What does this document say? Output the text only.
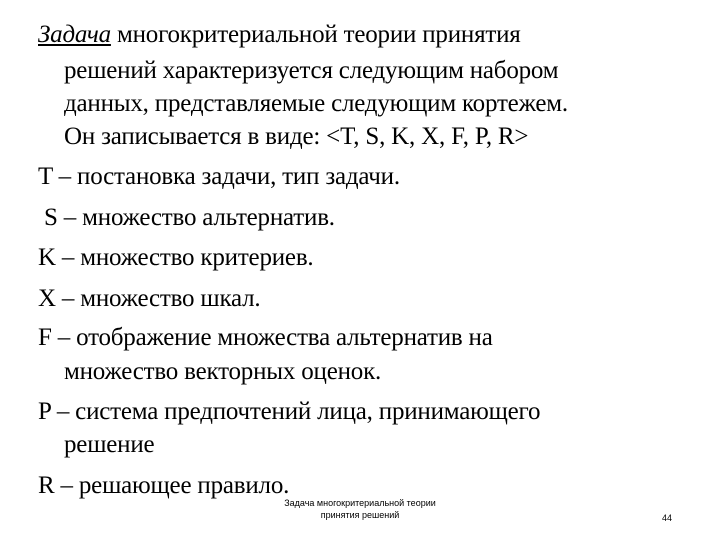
Задача многокритериальной теории принятия
решений характеризуется следующим набором
данных, представляемые следующим кортежем.
Он записывается в виде: <T, S, K, X, F, P, R>
T – постановка задачи, тип задачи.
S – множество альтернатив.
K – множество критериев.
X – множество шкал.
F – отображение множества альтернатив на
множество векторных оценок.
P – система предпочтений лица, принимающего
решение
R – решающее правило.
Задача многокритериальной теории
принятия решений	44
